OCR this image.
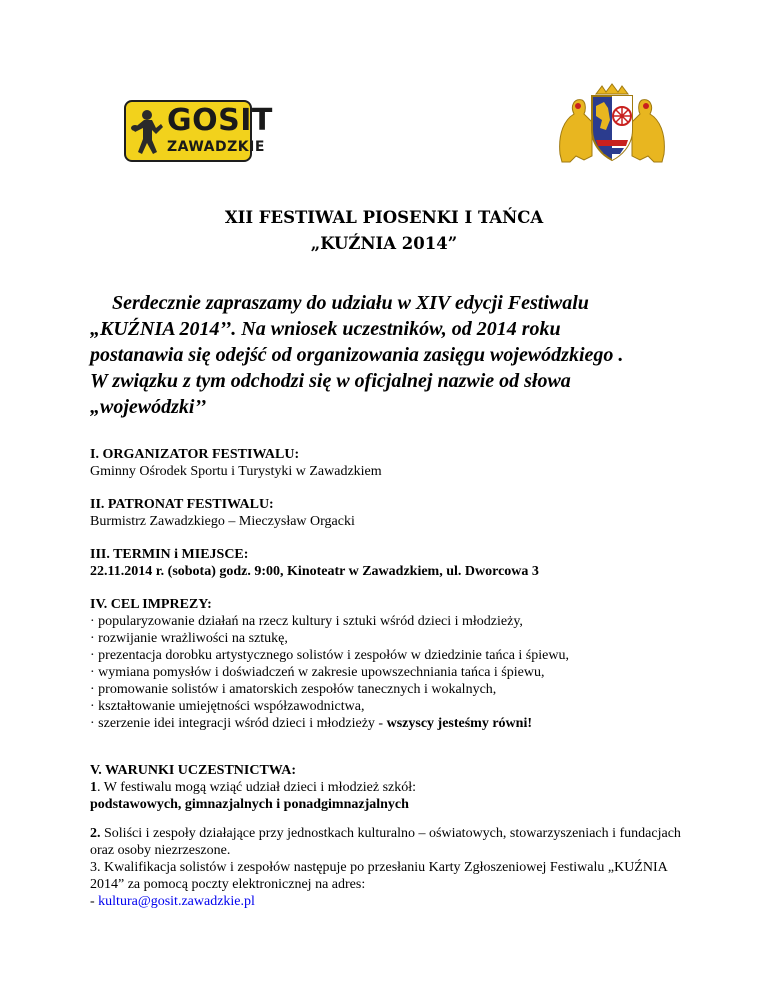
GOSIT
ZAWADZKIE
XII FESTIWAL PIOSENKI I TAŃCA
„KUŹNIA 2014”
Serdecznie zapraszamy do udziału w XIV edycji Festiwalu
„KUŹNIA 2014’’. Na wniosek uczestników, od 2014 roku
postanawia się odejść od organizowania zasięgu wojewódzkiego .
W związku z tym odchodzi się w oficjalnej nazwie od słowa
„wojewódzki’’
I. ORGANIZATOR FESTIWALU:
Gminny Ośrodek Sportu i Turystyki w Zawadzkiem
II. PATRONAT FESTIWALU:
Burmistrz Zawadzkiego – Mieczysław Orgacki
III. TERMIN i MIEJSCE:
22.11.2014 r. (sobota) godz. 9:00, Kinoteatr w Zawadzkiem, ul. Dworcowa 3
IV. CEL IMPREZY:
· popularyzowanie działań na rzecz kultury i sztuki wśród dzieci i młodzieży,
· rozwijanie wrażliwości na sztukę,
· prezentacja dorobku artystycznego solistów i zespołów w dziedzinie tańca i śpiewu,
· wymiana pomysłów i doświadczeń w zakresie upowszechniania tańca i śpiewu,
· promowanie solistów i amatorskich zespołów tanecznych i wokalnych,
· kształtowanie umiejętności współzawodnictwa,
· szerzenie idei integracji wśród dzieci i młodzieży - wszyscy jesteśmy równi!
V. WARUNKI UCZESTNICTWA:
1. W festiwalu mogą wziąć udział dzieci i młodzież szkół:
podstawowych, gimnazjalnych i ponadgimnazjalnych
2. Soliści i zespoły działające przy jednostkach kulturalno – oświatowych, stowarzyszeniach i fundacjach oraz osoby niezrzeszone.
3. Kwalifikacja solistów i zespołów następuje po przesłaniu Karty Zgłoszeniowej Festiwalu „KUŹNIA 2014” za pomocą poczty elektronicznej na adres:
- kultura@gosit.zawadzkie.pl
